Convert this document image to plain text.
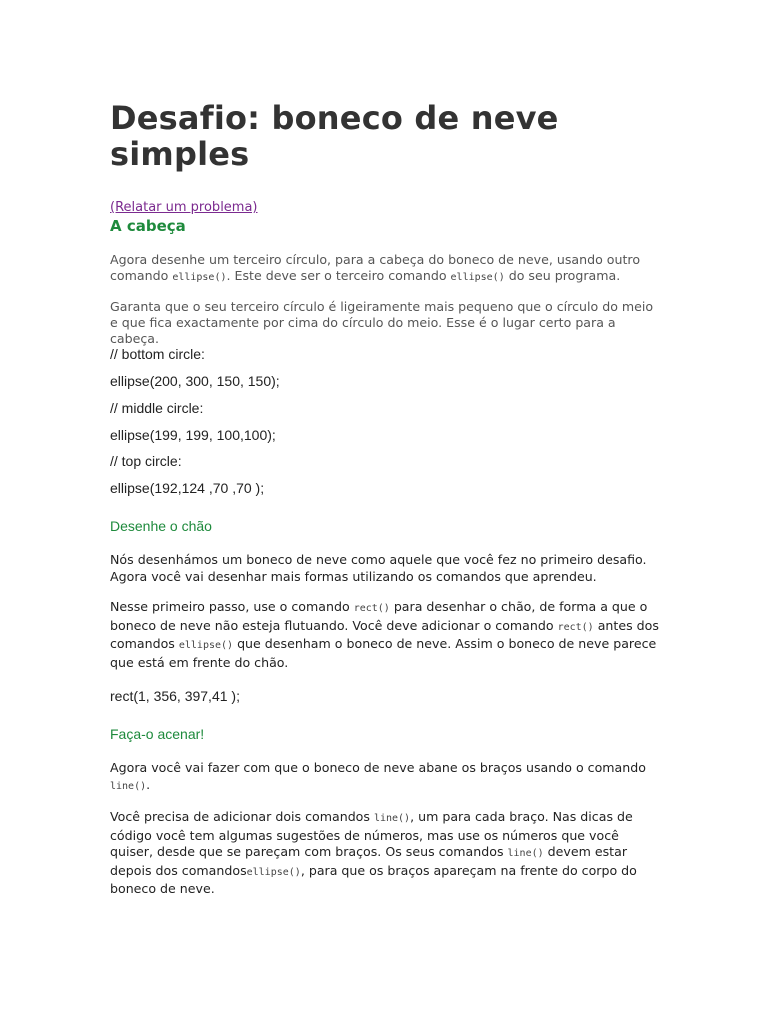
Desafio: boneco de neve simples
(Relatar um problema)
A cabeça

Agora desenhe um terceiro círculo, para a cabeça do boneco de neve, usando outro comando ellipse(). Este deve ser o terceiro comando ellipse() do seu programa.

Garanta que o seu terceiro círculo é ligeiramente mais pequeno que o círculo do meio e que fica exactamente por cima do círculo do meio. Esse é o lugar certo para a cabeça.

// bottom circle:

ellipse(200, 300, 150, 150);

// middle circle:

ellipse(199, 199, 100,100);

// top circle:

ellipse(192,124 ,70 ,70 );

Desenhe o chão

Nós desenhámos um boneco de neve como aquele que você fez no primeiro desafio. Agora você vai desenhar mais formas utilizando os comandos que aprendeu.

Nesse primeiro passo, use o comando rect() para desenhar o chão, de forma a que o boneco de neve não esteja flutuando. Você deve adicionar o comando rect() antes dos comandos ellipse() que desenham o boneco de neve. Assim o boneco de neve parece que está em frente do chão.

rect(1, 356, 397,41 );

Faça-o acenar!

Agora você vai fazer com que o boneco de neve abane os braços usando o comando line().

Você precisa de adicionar dois comandos line(), um para cada braço. Nas dicas de código você tem algumas sugestões de números, mas use os números que você quiser, desde que se pareçam com braços. Os seus comandos line() devem estar depois dos comandosellipse(), para que os braços apareçam na frente do corpo do boneco de neve.
